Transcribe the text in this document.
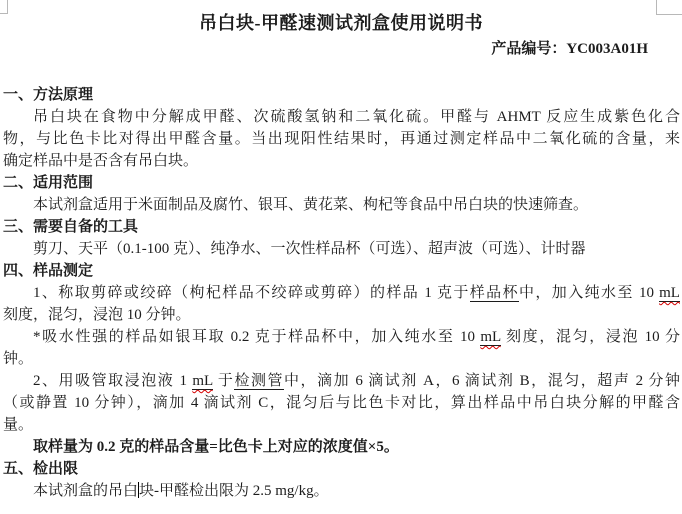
吊白块-甲醛速测试剂盒使用说明书
产品编号：YC003A01H
一、方法原理
吊白块在食物中分解成甲醛、次硫酸氢钠和二氧化硫。甲醛与 AHMT 反应生成紫色化合
物，与比色卡比对得出甲醛含量。当出现阳性结果时，再通过测定样品中二氧化硫的含量，来
确定样品中是否含有吊白块。
二、适用范围
本试剂盒适用于米面制品及腐竹、银耳、黄花菜、枸杞等食品中吊白块的快速筛查。
三、需要自备的工具
剪刀、天平（0.1-100 克）、纯净水、一次性样品杯（可选）、超声波（可选）、计时器
四、样品测定
1、称取剪碎或绞碎（枸杞样品不绞碎或剪碎）的样品 1 克于样品杯中，加入纯水至 10 mL
刻度，混匀，浸泡 10 分钟。
*吸水性强的样品如银耳取 0.2 克于样品杯中，加入纯水至 10 mL 刻度，混匀，浸泡 10 分
钟。
2、用吸管取浸泡液 1 mL 于检测管中，滴加 6 滴试剂 A，6 滴试剂 B，混匀，超声 2 分钟
（或静置 10 分钟），滴加 4 滴试剂 C，混匀后与比色卡对比，算出样品中吊白块分解的甲醛含
量。
取样量为 0.2 克的样品含量=比色卡上对应的浓度值×5。
五、检出限
本试剂盒的吊白块-甲醛检出限为 2.5 mg/kg。
